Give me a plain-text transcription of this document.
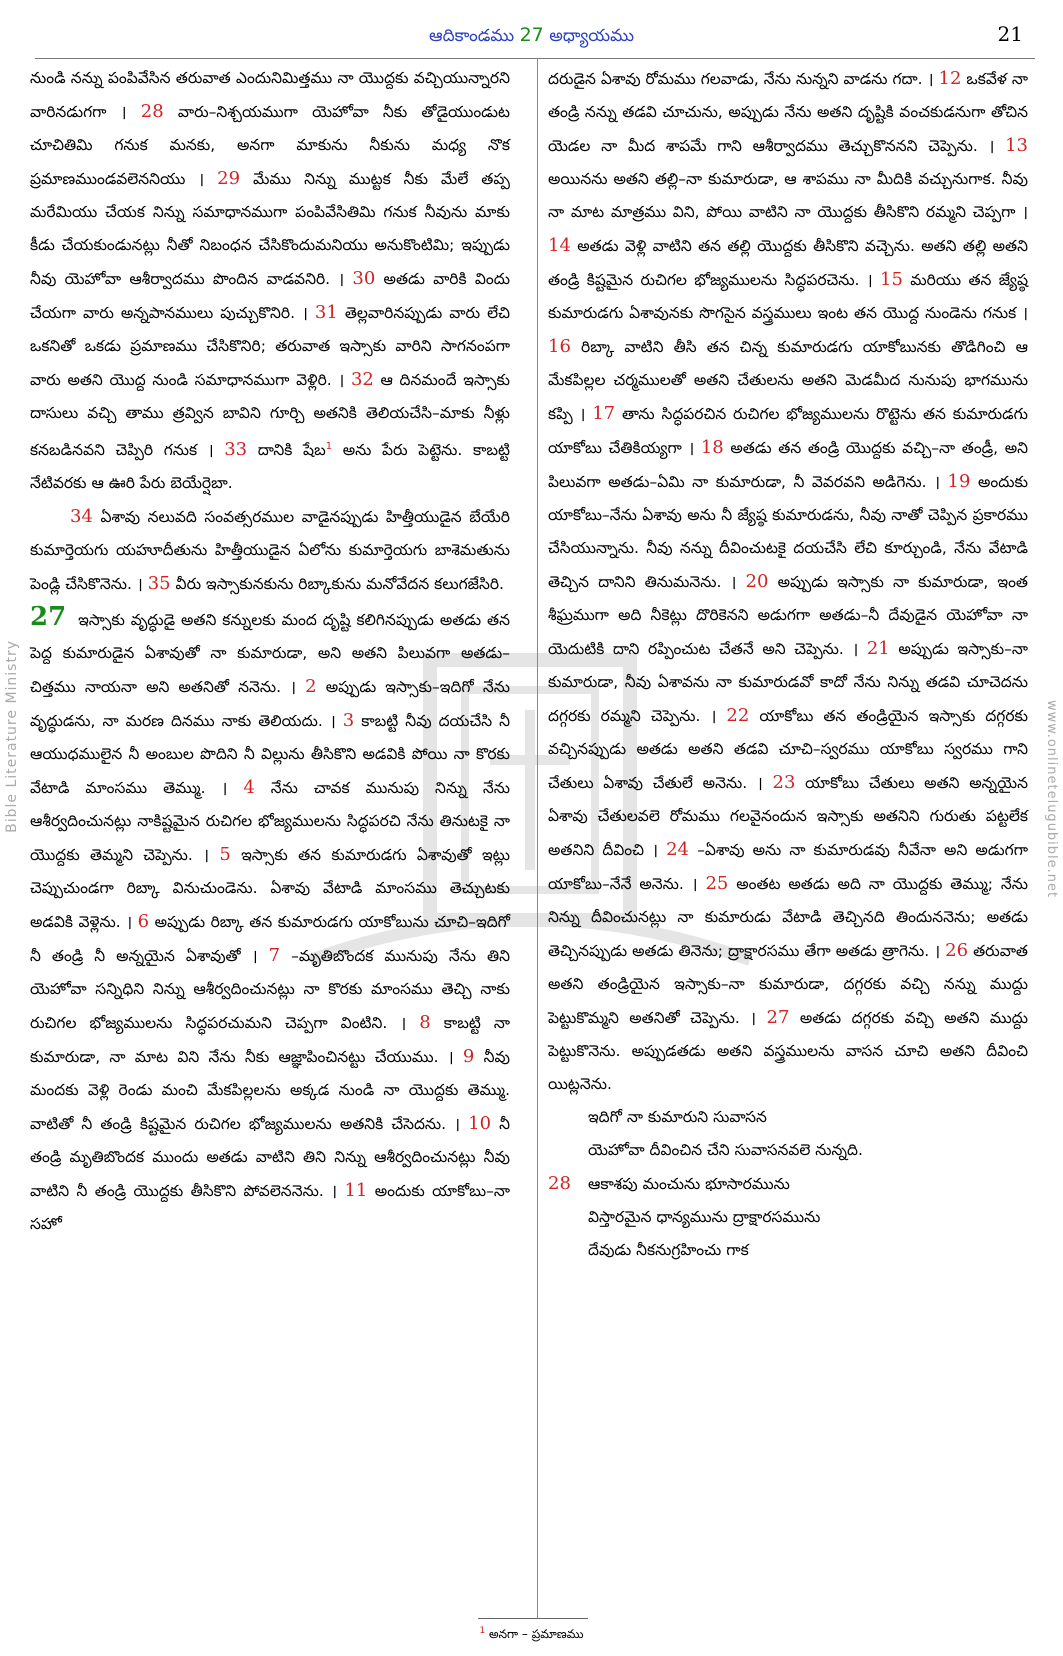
ఆదికాండము 27 అధ్యాయము	21
Bible Literature Ministry	www.onlinetelugubible.net

నుండి నన్ను పంపివేసిన తరువాత ఎందునిమిత్తము నా యొద్దకు వచ్చియున్నారని వారినడుగగా । 28 వారు–నిశ్చయముగా యెహోవా నీకు తోడైయుండుట చూచితిమి గనుక మనకు, అనగా మాకును నీకును మధ్య నొక ప్రమాణముండవలెననియు । 29 మేము నిన్ను ముట్టక నీకు మేలే తప్ప మరేమియు చేయక నిన్ను సమాధానముగా పంపివేసితిమి గనుక నీవును మాకు కీడు చేయకుండునట్లు నీతో నిబంధన చేసికొందుమనియు అనుకొంటిమి; ఇప్పుడు నీవు యెహోవా ఆశీర్వాదము పొందిన వాడవనిరి. । 30 అతడు వారికి విందు చేయగా వారు అన్నపానములు పుచ్చుకొనిరి. । 31 తెల్లవారినప్పుడు వారు లేచి ఒకనితో ఒకడు ప్రమాణము చేసికొనిరి; తరువాత ఇస్సాకు వారిని సాగనంపగా వారు అతని యొద్ద నుండి సమాధానముగా వెళ్లిరి. । 32 ఆ దినమందే ఇస్సాకు దాసులు వచ్చి తాము త్రవ్విన బావిని గూర్చి అతనికి తెలియచేసి–మాకు నీళ్లు కనబడినవని చెప్పిరి గనుక । 33 దానికి షేబ$^1$ అను పేరు పెట్టెను. కాబట్టి నేటివరకు ఆ ఊరి పేరు బెయేర్షెబా.

34 ఏశావు నలువది సంవత్సరముల వాడైనప్పుడు హిత్తీయుడైన బేయేరి కుమార్తెయగు యహూదీతును హిత్తీయుడైన ఏలోను కుమార్తెయగు బాశెమతును పెండ్లి చేసికొనెను. । 35 వీరు ఇస్సాకునకును రిబ్కాకును మనోవేదన కలుగజేసిరి.

27 ఇస్సాకు వృద్ధుడై అతని కన్నులకు మంద దృష్టి కలిగినప్పుడు అతడు తన పెద్ద కుమారుడైన ఏశావుతో నా కుమారుడా, అని అతని పిలువగా అతడు–చిత్తము నాయనా అని అతనితో ననెను. । 2 అప్పుడు ఇస్సాకు–ఇదిగో నేను వృద్ధుడను, నా మరణ దినము నాకు తెలియదు. । 3 కాబట్టి నీవు దయచేసి నీ ఆయుధములైన నీ అంబుల పొదిని నీ విల్లును తీసికొని అడవికి పోయి నా కొరకు వేటాడి మాంసము తెమ్ము. । 4 నేను చావక మునుపు నిన్ను నేను ఆశీర్వదించునట్లు నాకిష్టమైన రుచిగల భోజ్యములను సిద్ధపరచి నేను తినుటకై నా యొద్దకు తెమ్మని చెప్పెను. । 5 ఇస్సాకు తన కుమారుడగు ఏశావుతో ఇట్లు చెప్పుచుండగా రిబ్కా వినుచుండెను. ఏశావు వేటాడి మాంసము తెచ్చుటకు అడవికి వెళ్లెను. । 6 అప్పుడు రిబ్కా తన కుమారుడగు యాకోబును చూచి–ఇదిగో నీ తండ్రి నీ అన్నయైన ఏశావుతో । 7 –మృతిబొందక మునుపు నేను తిని యెహోవా సన్నిధిని నిన్ను ఆశీర్వదించునట్లు నా కొరకు మాంసము తెచ్చి నాకు రుచిగల భోజ్యములను సిద్ధపరచుమని చెప్పగా వింటిని. । 8 కాబట్టి నా కుమారుడా, నా మాట విని నేను నీకు ఆజ్ఞాపించినట్టు చేయుము. । 9 నీవు మందకు వెళ్లి రెండు మంచి మేకపిల్లలను అక్కడ నుండి నా యొద్దకు తెమ్ము. వాటితో నీ తండ్రి కిష్టమైన రుచిగల భోజ్యములను అతనికి చేసెదను. । 10 నీ తండ్రి మృతిబొందక ముందు అతడు వాటిని తిని నిన్ను ఆశీర్వదించునట్లు నీవు వాటిని నీ తండ్రి యొద్దకు తీసికొని పోవలెననెను. । 11 అందుకు యాకోబు–నా సహో

దరుడైన ఏశావు రోమము గలవాడు, నేను నున్నని వాడను గదా. । 12 ఒకవేళ నా తండ్రి నన్ను తడవి చూచును, అప్పుడు నేను అతని దృష్టికి వంచకుడనుగా తోచిన యెడల నా మీద శాపమే గాని ఆశీర్వాదము తెచ్చుకొననని చెప్పెను. । 13 అయినను అతని తల్లి–నా కుమారుడా, ఆ శాపము నా మీదికి వచ్చునుగాక. నీవు నా మాట మాత్రము విని, పోయి వాటిని నా యొద్దకు తీసికొని రమ్మని చెప్పగా । 14 అతడు వెళ్లి వాటిని తన తల్లి యొద్దకు తీసికొని వచ్చెను. అతని తల్లి అతని తండ్రి కిష్టమైన రుచిగల భోజ్యములను సిద్ధపరచెను. । 15 మరియు తన జ్యేష్ఠ కుమారుడగు ఏశావునకు సొగసైన వస్త్రములు ఇంట తన యొద్ద నుండెను గనుక । 16 రిబ్కా వాటిని తీసి తన చిన్న కుమారుడగు యాకోబునకు తొడిగించి ఆ మేకపిల్లల చర్మములతో అతని చేతులను అతని మెడమీద నునుపు భాగమును కప్పి । 17 తాను సిద్ధపరచిన రుచిగల భోజ్యములను రొట్టెను తన కుమారుడగు యాకోబు చేతికియ్యగా । 18 అతడు తన తండ్రి యొద్దకు వచ్చి–నా తండ్రీ, అని పిలువగా అతడు–ఏమి నా కుమారుడా, నీ వెవరవని అడిగెను. । 19 అందుకు యాకోబు–నేను ఏశావు అను నీ జ్యేష్ఠ కుమారుడను, నీవు నాతో చెప్పిన ప్రకారము చేసియున్నాను. నీవు నన్ను దీవించుటకై దయచేసి లేచి కూర్చుండి, నేను వేటాడి తెచ్చిన దానిని తినుమనెను. । 20 అప్పుడు ఇస్సాకు నా కుమారుడా, ఇంత శీఘ్రముగా అది నీకెట్లు దొరికెనని అడుగగా అతడు–నీ దేవుడైన యెహోవా నా యెదుటికి దాని రప్పించుట చేతనే అని చెప్పెను. । 21 అప్పుడు ఇస్సాకు–నా కుమారుడా, నీవు ఏశావను నా కుమారుడవో కాదో నేను నిన్ను తడవి చూచెదను దగ్గరకు రమ్మని చెప్పెను. । 22 యాకోబు తన తండ్రియైన ఇస్సాకు దగ్గరకు వచ్చినప్పుడు అతడు అతని తడవి చూచి–స్వరము యాకోబు స్వరము గాని చేతులు ఏశావు చేతులే అనెను. । 23 యాకోబు చేతులు అతని అన్నయైన ఏశావు చేతులవలె రోమము గలవైనందున ఇస్సాకు అతనిని గురుతు పట్టలేక అతనిని దీవించి । 24 –ఏశావు అను నా కుమారుడవు నీవేనా అని అడుగగా యాకోబు–నేనే అనెను. । 25 అంతట అతడు అది నా యొద్దకు తెమ్ము; నేను నిన్ను దీవించునట్లు నా కుమారుడు వేటాడి తెచ్చినది తిందుననెను; అతడు తెచ్చినప్పుడు అతడు తినెను; ద్రాక్షారసము తేగా అతడు త్రాగెను. । 26 తరువాత అతని తండ్రియైన ఇస్సాకు–నా కుమారుడా, దగ్గరకు వచ్చి నన్ను ముద్దు పెట్టుకొమ్మని అతనితో చెప్పెను. । 27 అతడు దగ్గరకు వచ్చి అతని ముద్దు పెట్టుకొనెను. అప్పుడతడు అతని వస్త్రములను వాసన చూచి అతని దీవించి యిట్లనెను.

ఇదిగో నా కుమారుని సువాసన
యెహోవా దీవించిన చేని సువాసనవలె నున్నది.
28 ఆకాశపు మంచును భూసారమును
విస్తారమైన ధాన్యమును ద్రాక్షారసమును
దేవుడు నీకనుగ్రహించు గాక
$^1$ అనగా – ప్రమాణము
